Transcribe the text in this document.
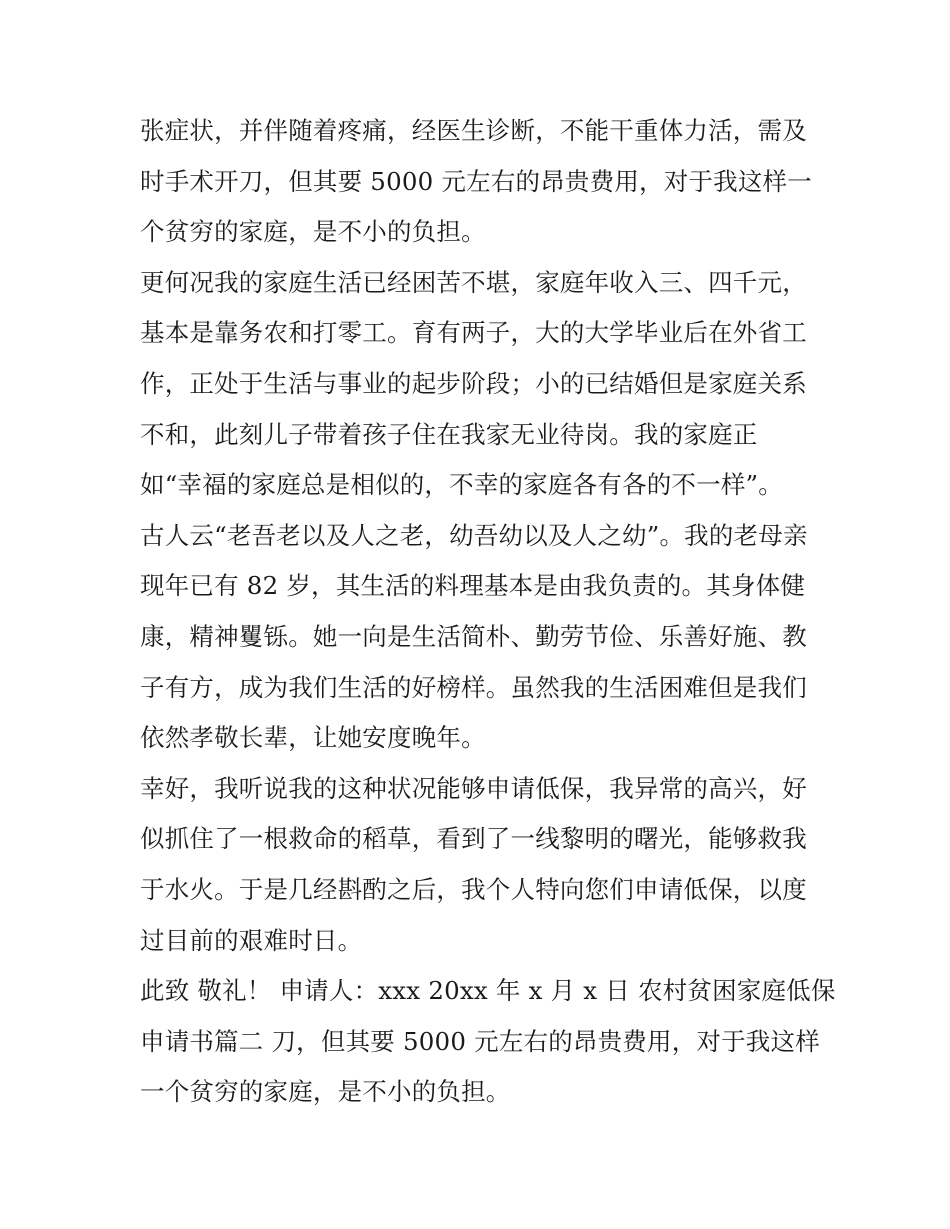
张症状，并伴随着疼痛，经医生诊断，不能干重体力活，需及
时手术开刀，但其要 5000 元左右的昂贵费用，对于我这样一
个贫穷的家庭，是不小的负担。
更何况我的家庭生活已经困苦不堪，家庭年收入三、四千元，
基本是靠务农和打零工。育有两子，大的大学毕业后在外省工
作，正处于生活与事业的起步阶段；小的已结婚但是家庭关系
不和，此刻儿子带着孩子住在我家无业待岗。我的家庭正
如“幸福的家庭总是相似的，不幸的家庭各有各的不一样”。
古人云“老吾老以及人之老，幼吾幼以及人之幼”。我的老母亲
现年已有 82 岁，其生活的料理基本是由我负责的。其身体健
康，精神矍铄。她一向是生活简朴、勤劳节俭、乐善好施、教
子有方，成为我们生活的好榜样。虽然我的生活困难但是我们
依然孝敬长辈，让她安度晚年。
幸好，我听说我的这种状况能够申请低保，我异常的高兴，好
似抓住了一根救命的稻草，看到了一线黎明的曙光，能够救我
于水火。于是几经斟酌之后，我个人特向您们申请低保，以度
过目前的艰难时日。
此致 敬礼！ 申请人：xxx 20xx 年 x 月 x 日 农村贫困家庭低保
申请书篇二 刀，但其要 5000 元左右的昂贵费用，对于我这样
一个贫穷的家庭，是不小的负担。
